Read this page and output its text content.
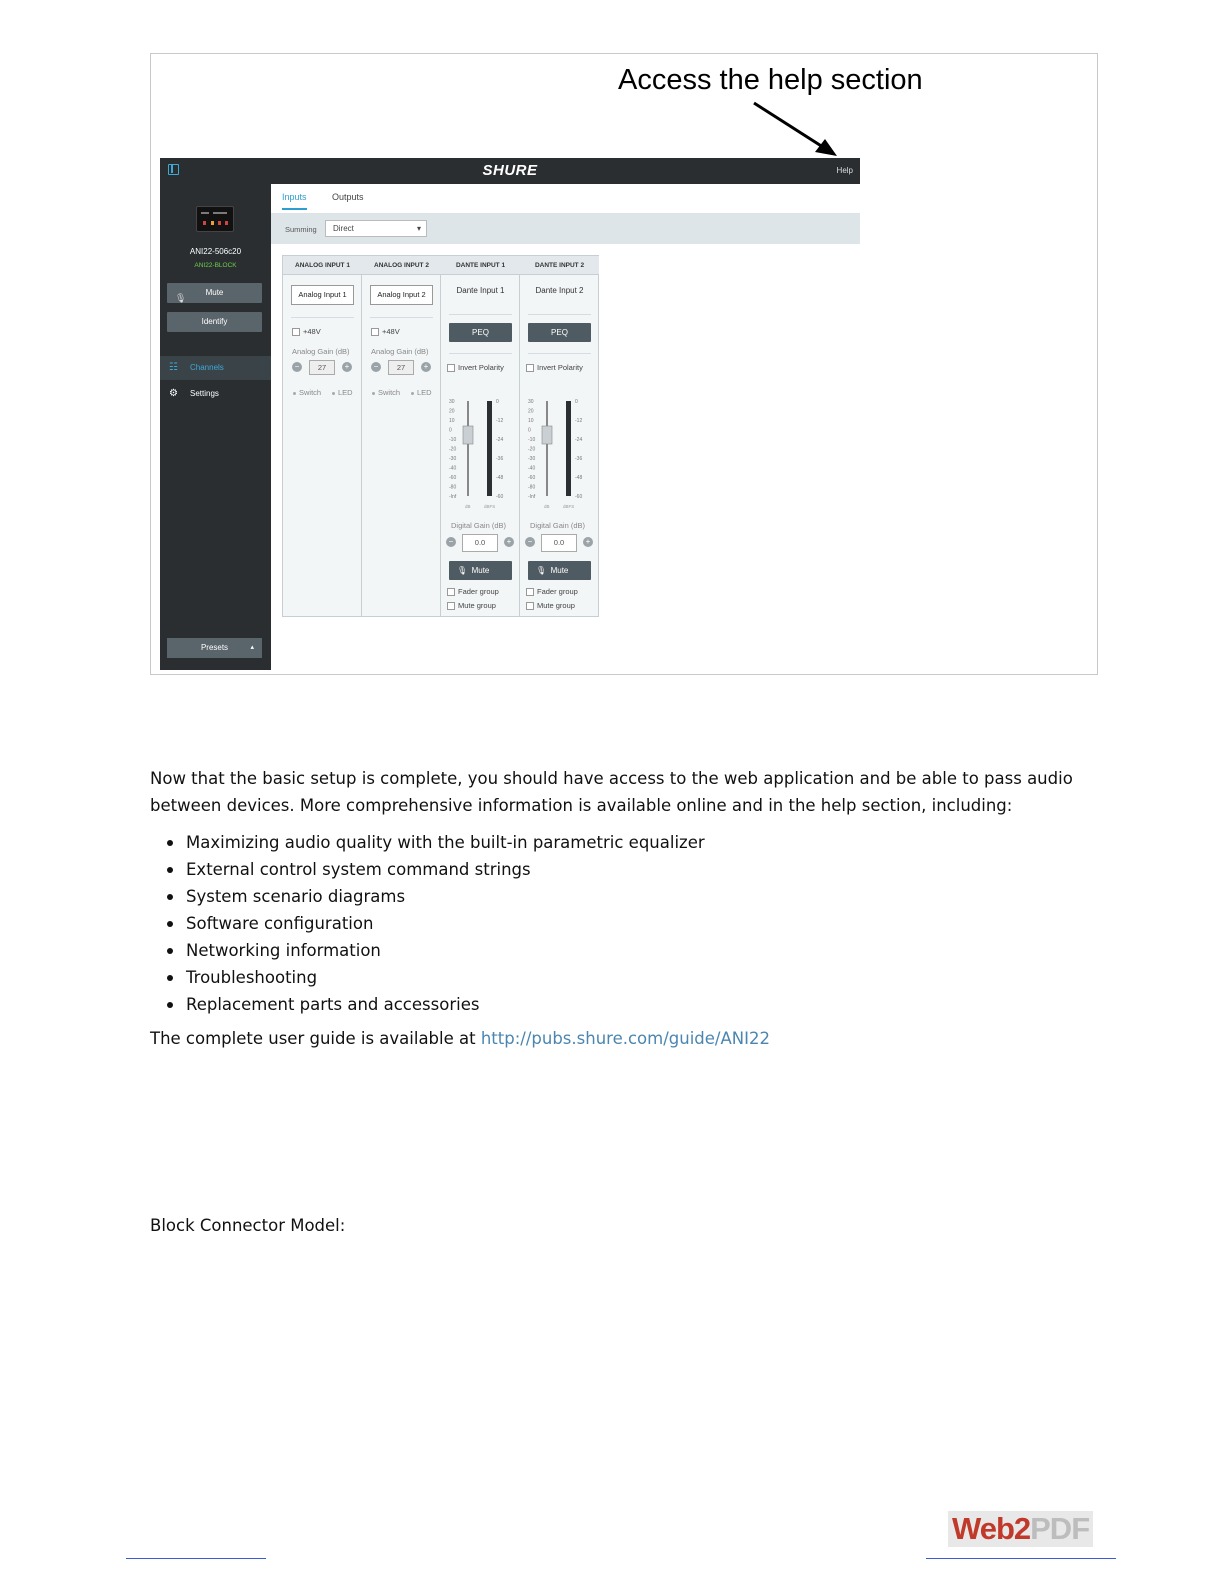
Access the help section
SHURE	Help
ANI22-506c20
ANI22-BLOCK
🎙︎
Mute
Identify
☷ Channels
⚙ Settings
Presets	▴
Inputs	Outputs
Summing	Direct ▾
ANALOG INPUT 1
Analog Input 1
+48V
Analog Gain (dB)
−	27	+
Switch LED
ANALOG INPUT 2
Analog Input 2
+48V
Analog Gain (dB)
−	27	+
Switch LED
DANTE INPUT 1
Dante Input 1
PEQ
Invert Polarity
30
20
10
0
-10
-20
-30
-40
-60
-80
-Inf
0
-12
-24
-36
-48
-60
dB	dBFS
Digital Gain (dB)
−	0.0	+
🎙︎ Mute
Fader group
Mute group
DANTE INPUT 2
Dante Input 2
PEQ
Invert Polarity
30
20
10
0
-10
-20
-30
-40
-60
-80
-Inf
0
-12
-24
-36
-48
-60
dB	dBFS
Digital Gain (dB)
−	0.0	+
🎙︎ Mute
Fader group
Mute group
Now that the basic setup is complete, you should have access to the web application and be able to pass audio
between devices. More comprehensive information is available online and in the help section, including:
Maximizing audio quality with the built-in parametric equalizer
External control system command strings
System scenario diagrams
Software configuration
Networking information
Troubleshooting
Replacement parts and accessories
The complete user guide is available at http://pubs.shure.com/guide/ANI22
Block Connector Model:
Web2PDF
